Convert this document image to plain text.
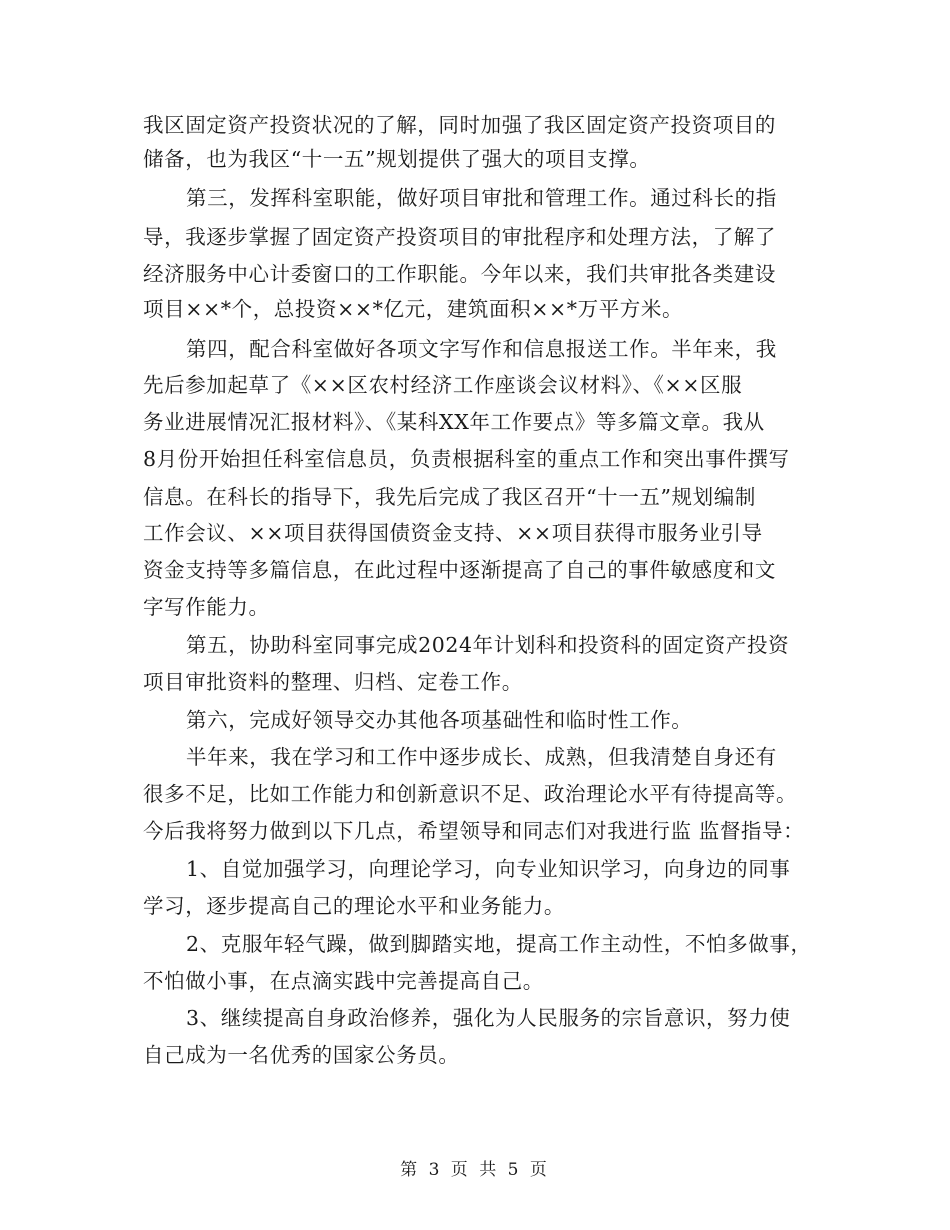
我区固定资产投资状况的了解，同时加强了我区固定资产投资项目的
储备，也为我区“十一五”规划提供了强大的项目支撑。
第三，发挥科室职能，做好项目审批和管理工作。通过科长的指
导，我逐步掌握了固定资产投资项目的审批程序和处理方法，了解了
经济服务中心计委窗口的工作职能。今年以来，我们共审批各类建设
项目××*个，总投资××*亿元，建筑面积××*万平方米。
第四，配合科室做好各项文字写作和信息报送工作。半年来，我
先后参加起草了《××区农村经济工作座谈会议材料》、《××区服
务业进展情况汇报材料》、《某科XX年工作要点》等多篇文章。我从
8月份开始担任科室信息员，负责根据科室的重点工作和突出事件撰写
信息。在科长的指导下，我先后完成了我区召开“十一五”规划编制
工作会议、××项目获得国债资金支持、××项目获得市服务业引导
资金支持等多篇信息，在此过程中逐渐提高了自己的事件敏感度和文
字写作能力。
第五，协助科室同事完成2024年计划科和投资科的固定资产投资
项目审批资料的整理、归档、定卷工作。
第六，完成好领导交办其他各项基础性和临时性工作。
半年来，我在学习和工作中逐步成长、成熟，但我清楚自身还有
很多不足，比如工作能力和创新意识不足、政治理论水平有待提高等。
今后我将努力做到以下几点，希望领导和同志们对我进行监 监督指导：
1、自觉加强学习，向理论学习，向专业知识学习，向身边的同事
学习，逐步提高自己的理论水平和业务能力。
2、克服年轻气躁，做到脚踏实地，提高工作主动性，不怕多做事，
不怕做小事，在点滴实践中完善提高自己。
3、继续提高自身政治修养，强化为人民服务的宗旨意识，努力使
自己成为一名优秀的国家公务员。
第 3 页 共 5 页
